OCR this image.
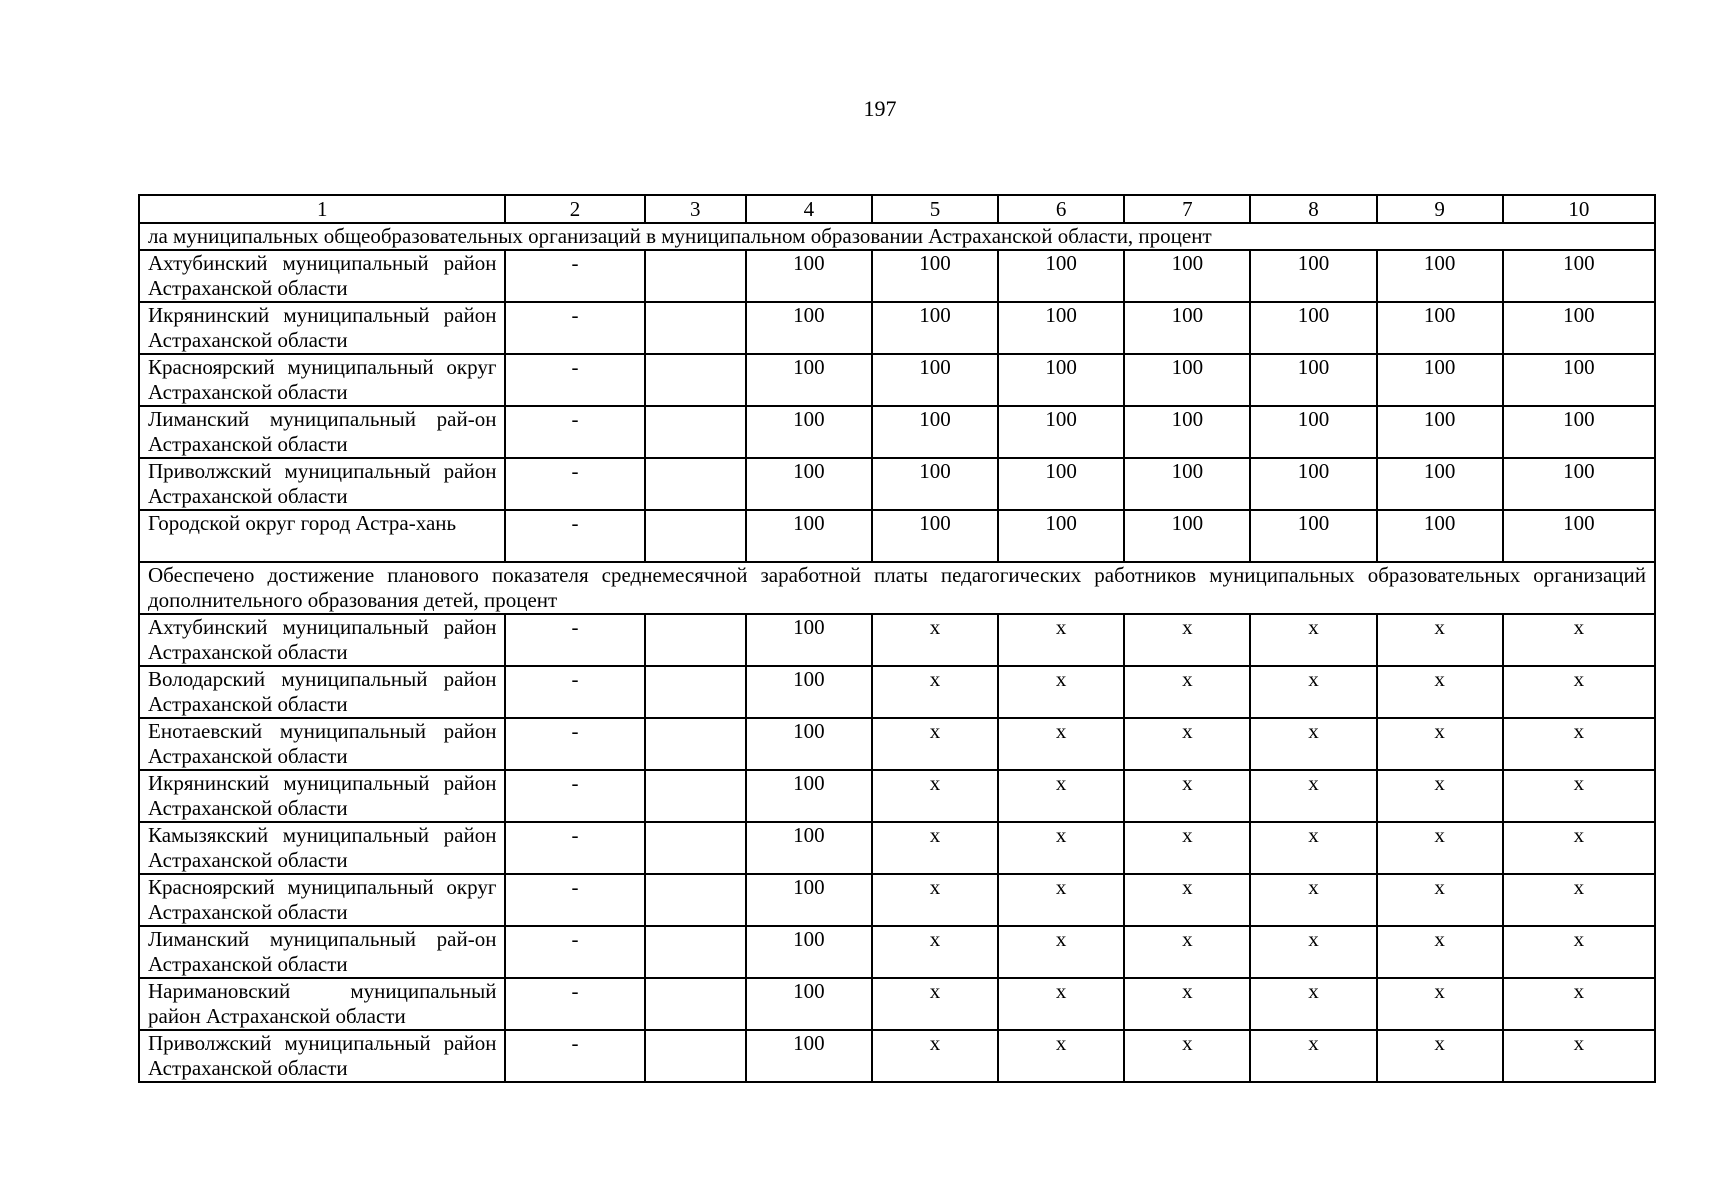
197
1	2	3	4	5	6	7	8	9	10
ла муниципальных общеобразовательных организаций в муниципальном образовании Астраханской области, процент									
Ахтубинский муниципальный район Астраханской области	-		100	100	100	100	100	100	100
Икрянинский муниципальный район Астраханской области	-		100	100	100	100	100	100	100
Красноярский муниципальный округ Астраханской области	-		100	100	100	100	100	100	100
Лиманский муниципальный рай-он Астраханской области	-		100	100	100	100	100	100	100
Приволжский муниципальный район Астраханской области	-		100	100	100	100	100	100	100
Городской округ город Астра-хань	-		100	100	100	100	100	100	100
Обеспечено достижение планового показателя среднемесячной заработной платы педагогических работников муниципальных образовательных организаций дополнительного образования детей, процент									
Ахтубинский муниципальный район Астраханской области	-		100	х	х	х	х	х	х
Володарский муниципальный район Астраханской области	-		100	х	х	х	х	х	х
Енотаевский муниципальный район Астраханской области	-		100	х	х	х	х	х	х
Икрянинский муниципальный район Астраханской области	-		100	х	х	х	х	х	х
Камызякский муниципальный район Астраханской области	-		100	х	х	х	х	х	х
Красноярский муниципальный округ Астраханской области	-		100	х	х	х	х	х	х
Лиманский муниципальный рай-он Астраханской области	-		100	х	х	х	х	х	х
Наримановский муниципальный район Астраханской области	-		100	х	х	х	х	х	х
Приволжский муниципальный район Астраханской области	-		100	х	х	х	х	х	х
